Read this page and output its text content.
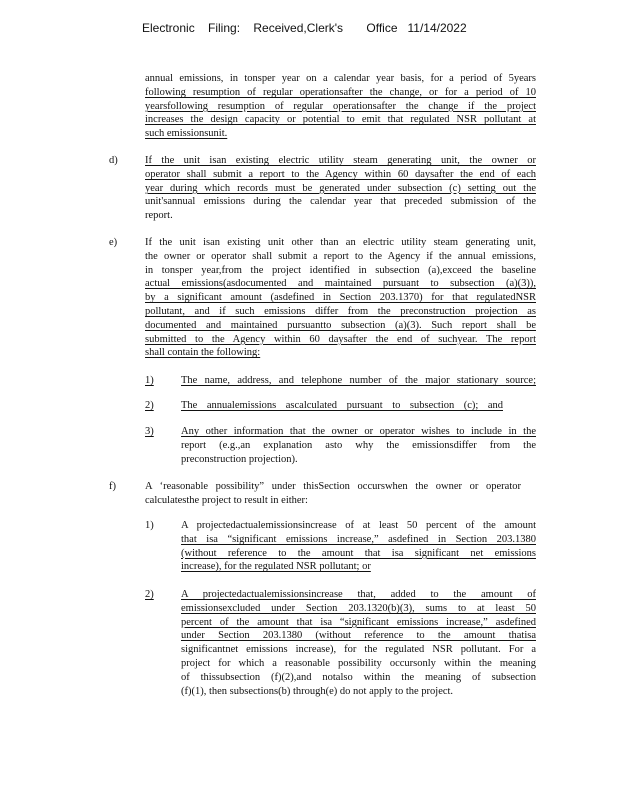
Electronic    Filing:    Received,Clerk's       Office   11/14/2022
annual emissions, in tonsper year on a calendar year basis, for a period of 5years
following resumption of regular operationsafter the change, or for a period of 10
yearsfollowing resumption of regular operationsafter the change if the project
increases the design capacity or potential to emit that regulated NSR pollutant at
such emissionsunit.
d)	If the unit isan existing electric utility steam generating unit, the owner or
operator shall submit a report to the Agency within 60 daysafter the end of each
year during which records must be generated under subsection (c) setting out the
unit'sannual emissions during the calendar year that preceded submission of the
report.
e)	If the unit isan existing unit other than an electric utility steam generating unit,
the owner or operator shall submit a report to the Agency if the annual emissions,
in tonsper year,from the project identified in subsection (a),exceed the baseline
actual emissions(asdocumented and maintained pursuant to subsection (a)(3)),
by a significant amount (asdefined in Section 203.1370) for that regulatedNSR
pollutant, and if such emissions differ from the preconstruction projection as
documented and maintained pursuantto subsection (a)(3). Such report shall be
submitted to the Agency within 60 daysafter the end of suchyear. The report
shall contain the following:
1)	The name, address, and telephone number of the major stationary source;
2)	The annualemissions ascalculated pursuant to subsection (c); and
3)	Any other information that the owner or operator wishes to include in the
report (e.g.,an explanation asto why the emissionsdiffer from the
preconstruction projection).
f)	A ‘reasonable possibility” under thisSection occurswhen the owner or operator
calculatesthe project to result in either:
1)	A projectedactualemissionsincrease of at least 50 percent of the amount
that isa “significant emissions increase,” asdefined in Section 203.1380
(without reference to the amount that isa significant net emissions
increase), for the regulated NSR pollutant; or
2)	A projectedactualemissionsincrease that, added to the amount of
emissionsexcluded under Section 203.1320(b)(3), sums to at least 50
percent of the amount that isa “significant emissions increase,” asdefined
under Section 203.1380 (without reference to the amount thatisa
significantnet emissions increase), for the regulated NSR pollutant. For a
project for which a reasonable possibility occursonly within the meaning
of thissubsection (f)(2),and notalso within the meaning of subsection
(f)(1), then subsections(b) through(e) do not apply to the project.
